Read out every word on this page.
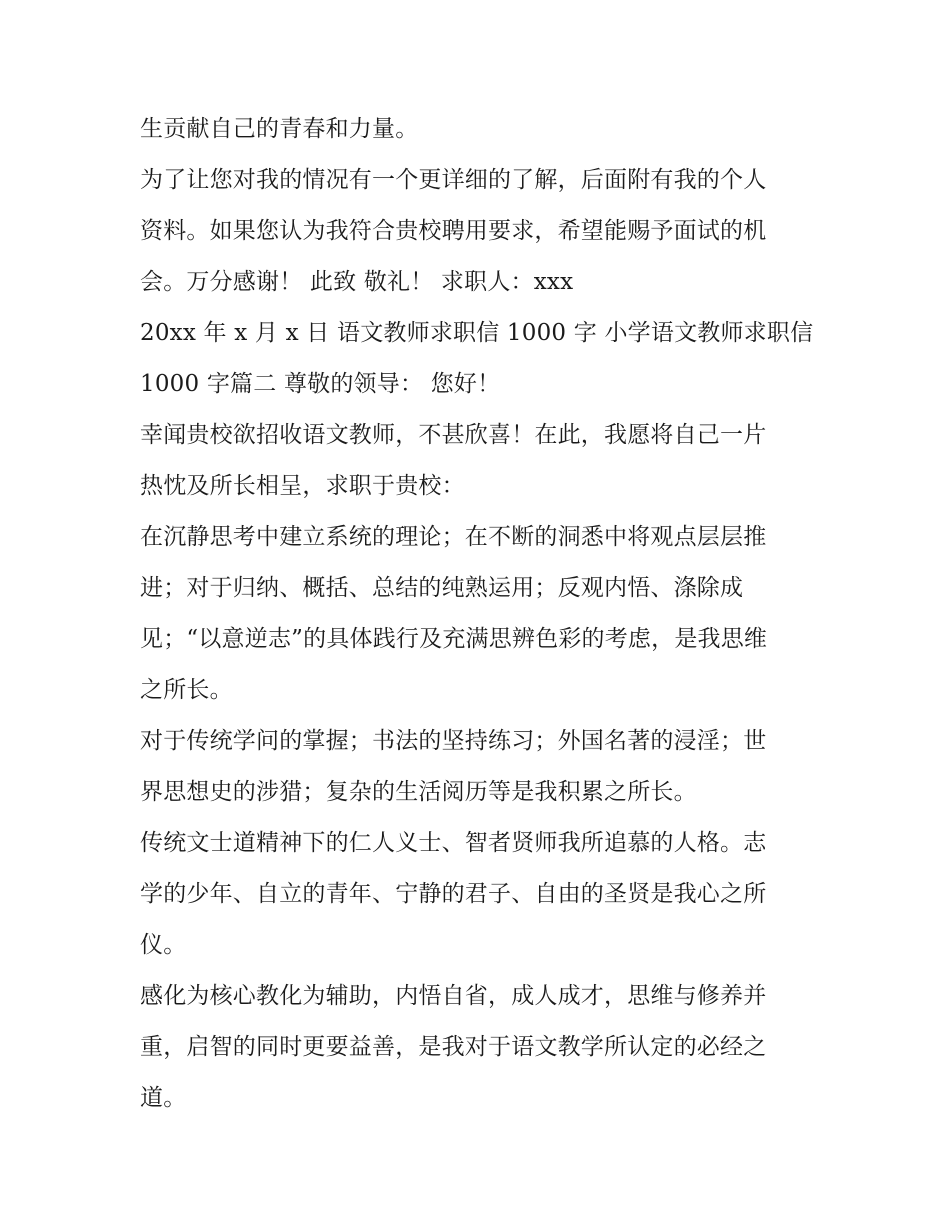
生贡献自己的青春和力量。
为了让您对我的情况有一个更详细的了解，后面附有我的个人
资料。如果您认为我符合贵校聘用要求，希望能赐予面试的机
会。万分感谢！ 此致 敬礼！ 求职人：xxx
20xx 年 x 月 x 日 语文教师求职信 1000 字 小学语文教师求职信
1000 字篇二 尊敬的领导： 您好！
幸闻贵校欲招收语文教师，不甚欣喜！在此，我愿将自己一片
热忱及所长相呈，求职于贵校：
在沉静思考中建立系统的理论；在不断的洞悉中将观点层层推
进；对于归纳、概括、总结的纯熟运用；反观内悟、涤除成
见；“以意逆志”的具体践行及充满思辨色彩的考虑，是我思维
之所长。
对于传统学问的掌握；书法的坚持练习；外国名著的浸淫；世
界思想史的涉猎；复杂的生活阅历等是我积累之所长。
传统文士道精神下的仁人义士、智者贤师我所追慕的人格。志
学的少年、自立的青年、宁静的君子、自由的圣贤是我心之所
仪。
感化为核心教化为辅助，内悟自省，成人成才，思维与修养并
重，启智的同时更要益善，是我对于语文教学所认定的必经之
道。
